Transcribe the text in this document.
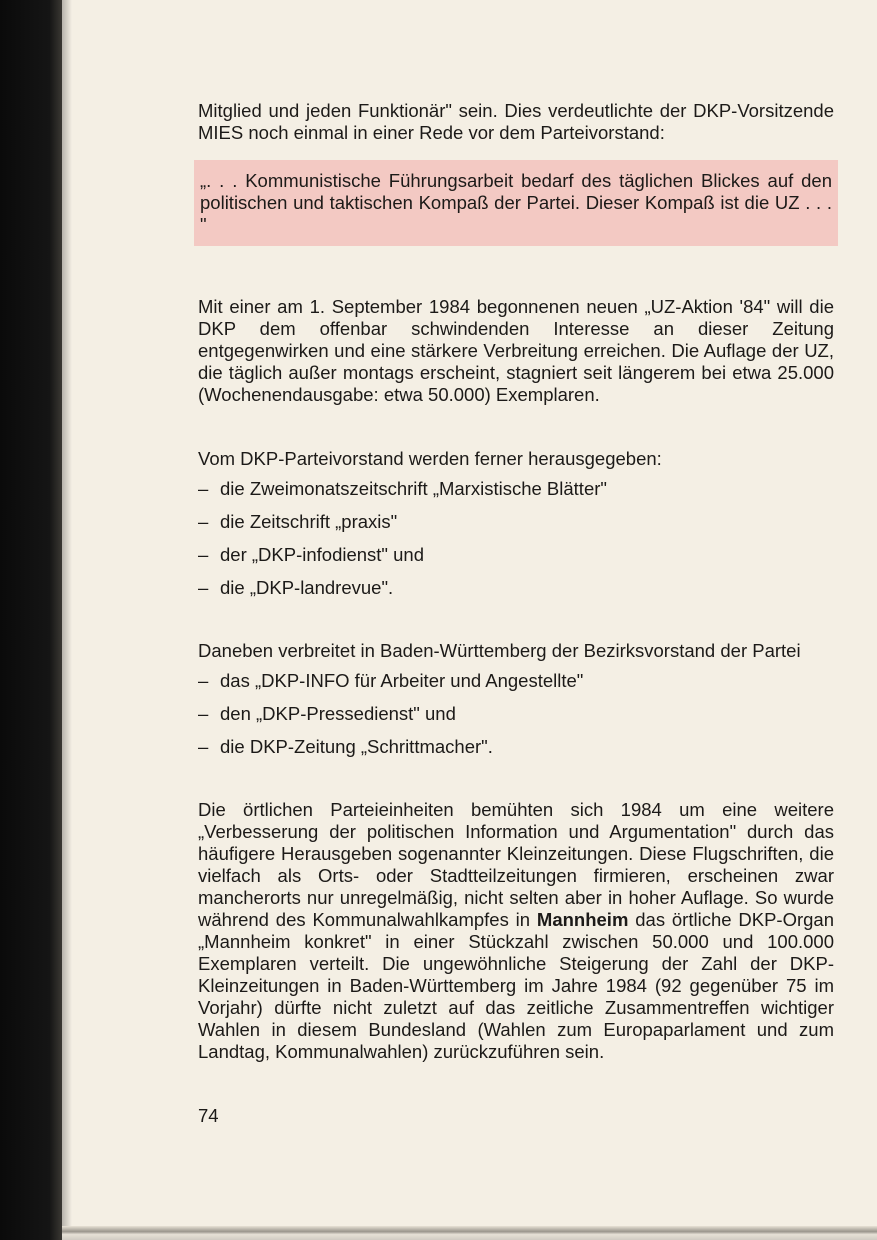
Mitglied und jeden Funktionär" sein. Dies verdeutlichte der DKP-Vorsitzende MIES noch einmal in einer Rede vor dem Parteivorstand:

„. . . Kommunistische Führungsarbeit bedarf des täglichen Blickes auf den politischen und taktischen Kompaß der Partei. Dieser Kompaß ist die UZ . . . "

Mit einer am 1. September 1984 begonnenen neuen „UZ-Aktion '84" will die DKP dem offenbar schwindenden Interesse an dieser Zeitung entgegenwirken und eine stärkere Verbreitung erreichen. Die Auflage der UZ, die täglich außer montags erscheint, stagniert seit längerem bei etwa 25.000 (Wochenendausgabe: etwa 50.000) Exemplaren.

Vom DKP-Parteivorstand werden ferner herausgegeben:

– die Zweimonatszeitschrift „Marxistische Blätter"
– die Zeitschrift „praxis"
– der „DKP-infodienst" und
– die „DKP-landrevue".

Daneben verbreitet in Baden-Württemberg der Bezirksvorstand der Partei

– das „DKP-INFO für Arbeiter und Angestellte"
– den „DKP-Pressedienst" und
– die DKP-Zeitung „Schrittmacher".

Die örtlichen Parteieinheiten bemühten sich 1984 um eine weitere „Verbesserung der politischen Information und Argumentation" durch das häufigere Herausgeben sogenannter Kleinzeitungen. Diese Flugschriften, die vielfach als Orts- oder Stadtteilzeitungen firmieren, erscheinen zwar mancherorts nur unregelmäßig, nicht selten aber in hoher Auflage. So wurde während des Kommunalwahlkampfes in Mannheim das örtliche DKP-Organ „Mannheim konkret" in einer Stückzahl zwischen 50.000 und 100.000 Exemplaren verteilt. Die ungewöhnliche Steigerung der Zahl der DKP-Kleinzeitungen in Baden-Württemberg im Jahre 1984 (92 gegenüber 75 im Vorjahr) dürfte nicht zuletzt auf das zeitliche Zusammentreffen wichtiger Wahlen in diesem Bundesland (Wahlen zum Europaparlament und zum Landtag, Kommunalwahlen) zurückzuführen sein.

74
